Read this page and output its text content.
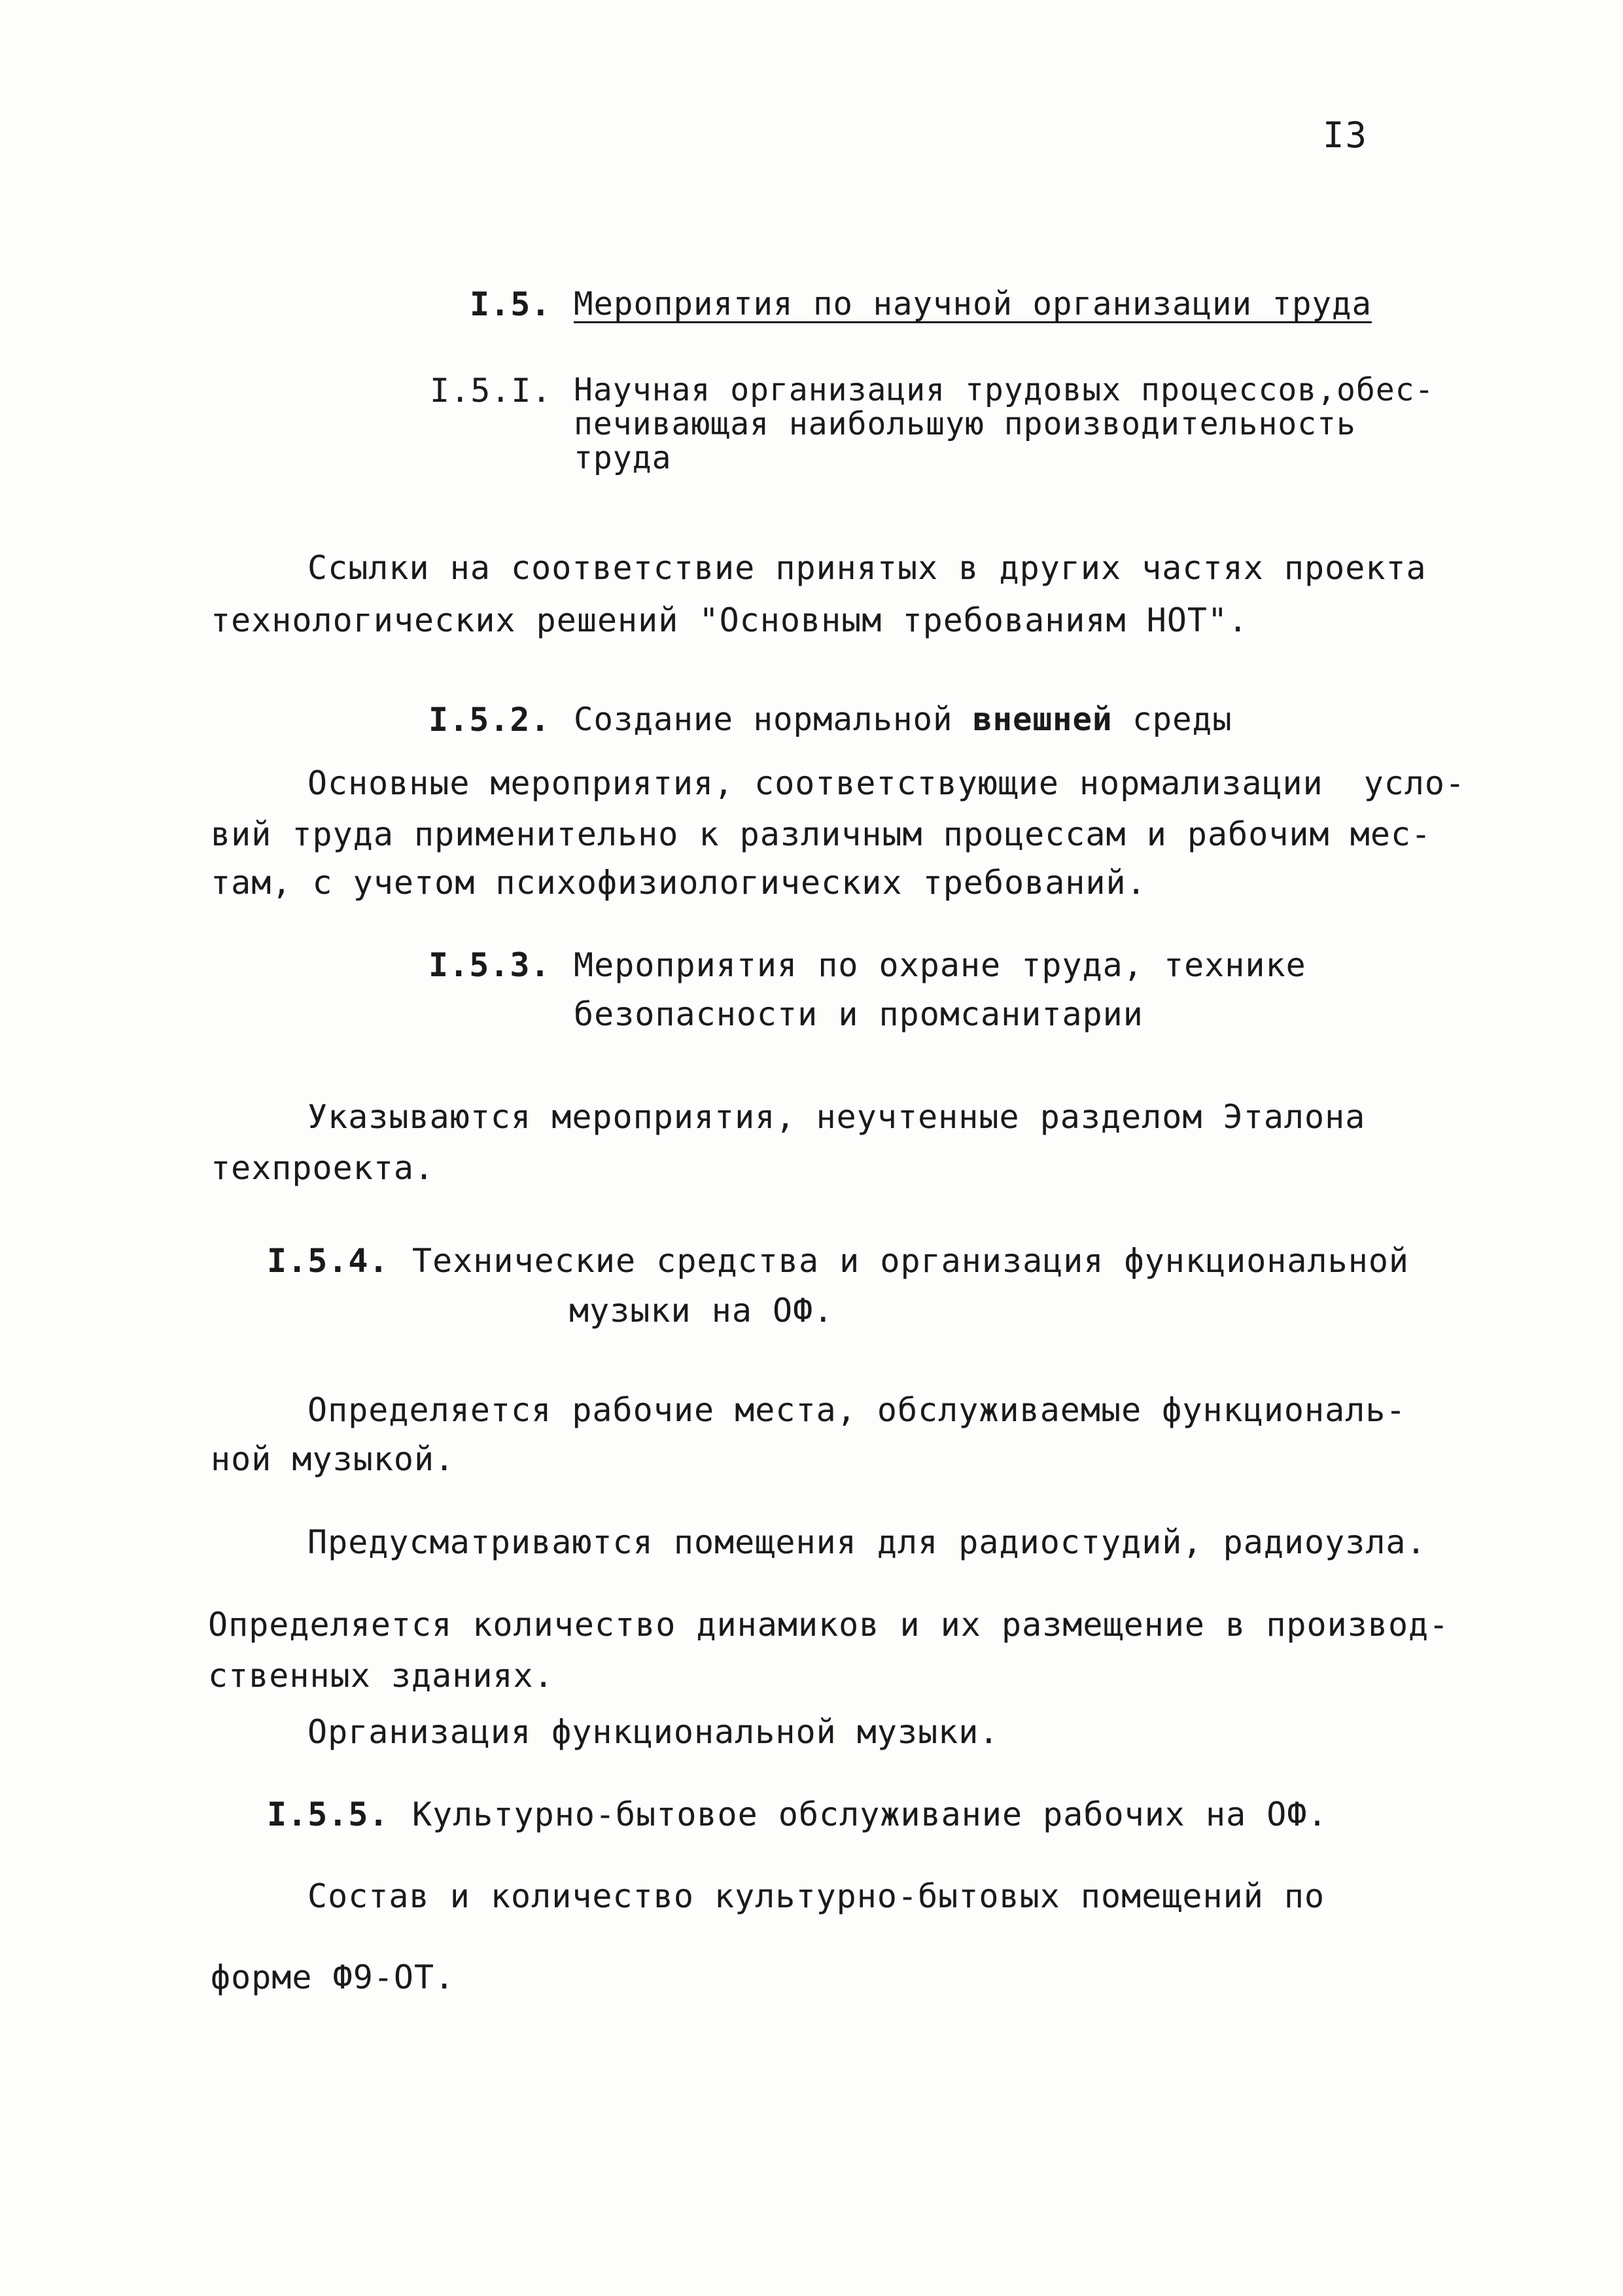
I3
I.5. Мероприятия по научной организации труда
I.5.I. Научная организация трудовых процессов,обес-
печивающая наибольшую производительность
труда
Ссылки на соответствие принятых в других частях проекта
технологических решений "Основным требованиям НОТ".
I.5.2. Создание нормальной внешней среды
Основные мероприятия, соответствующие нормализации  усло-
вий труда применительно к различным процессам и рабочим мес-
там, с учетом психофизиологических требований.
I.5.3. Мероприятия по охране труда, технике
безопасности и промсанитарии
Указываются мероприятия, неучтенные разделом Эталона
техпроекта.
I.5.4. Технические средства и организация функциональной
музыки на ОФ.
Определяется рабочие места, обслуживаемые функциональ-
ной музыкой.
Предусматриваются помещения для радиостудий, радиоузла.
Определяется количество динамиков и их размещение в производ-
ственных зданиях.
Организация функциональной музыки.
I.5.5. Культурно-бытовое обслуживание рабочих на ОФ.
Состав и количество культурно-бытовых помещений по
форме Ф9-ОТ.
